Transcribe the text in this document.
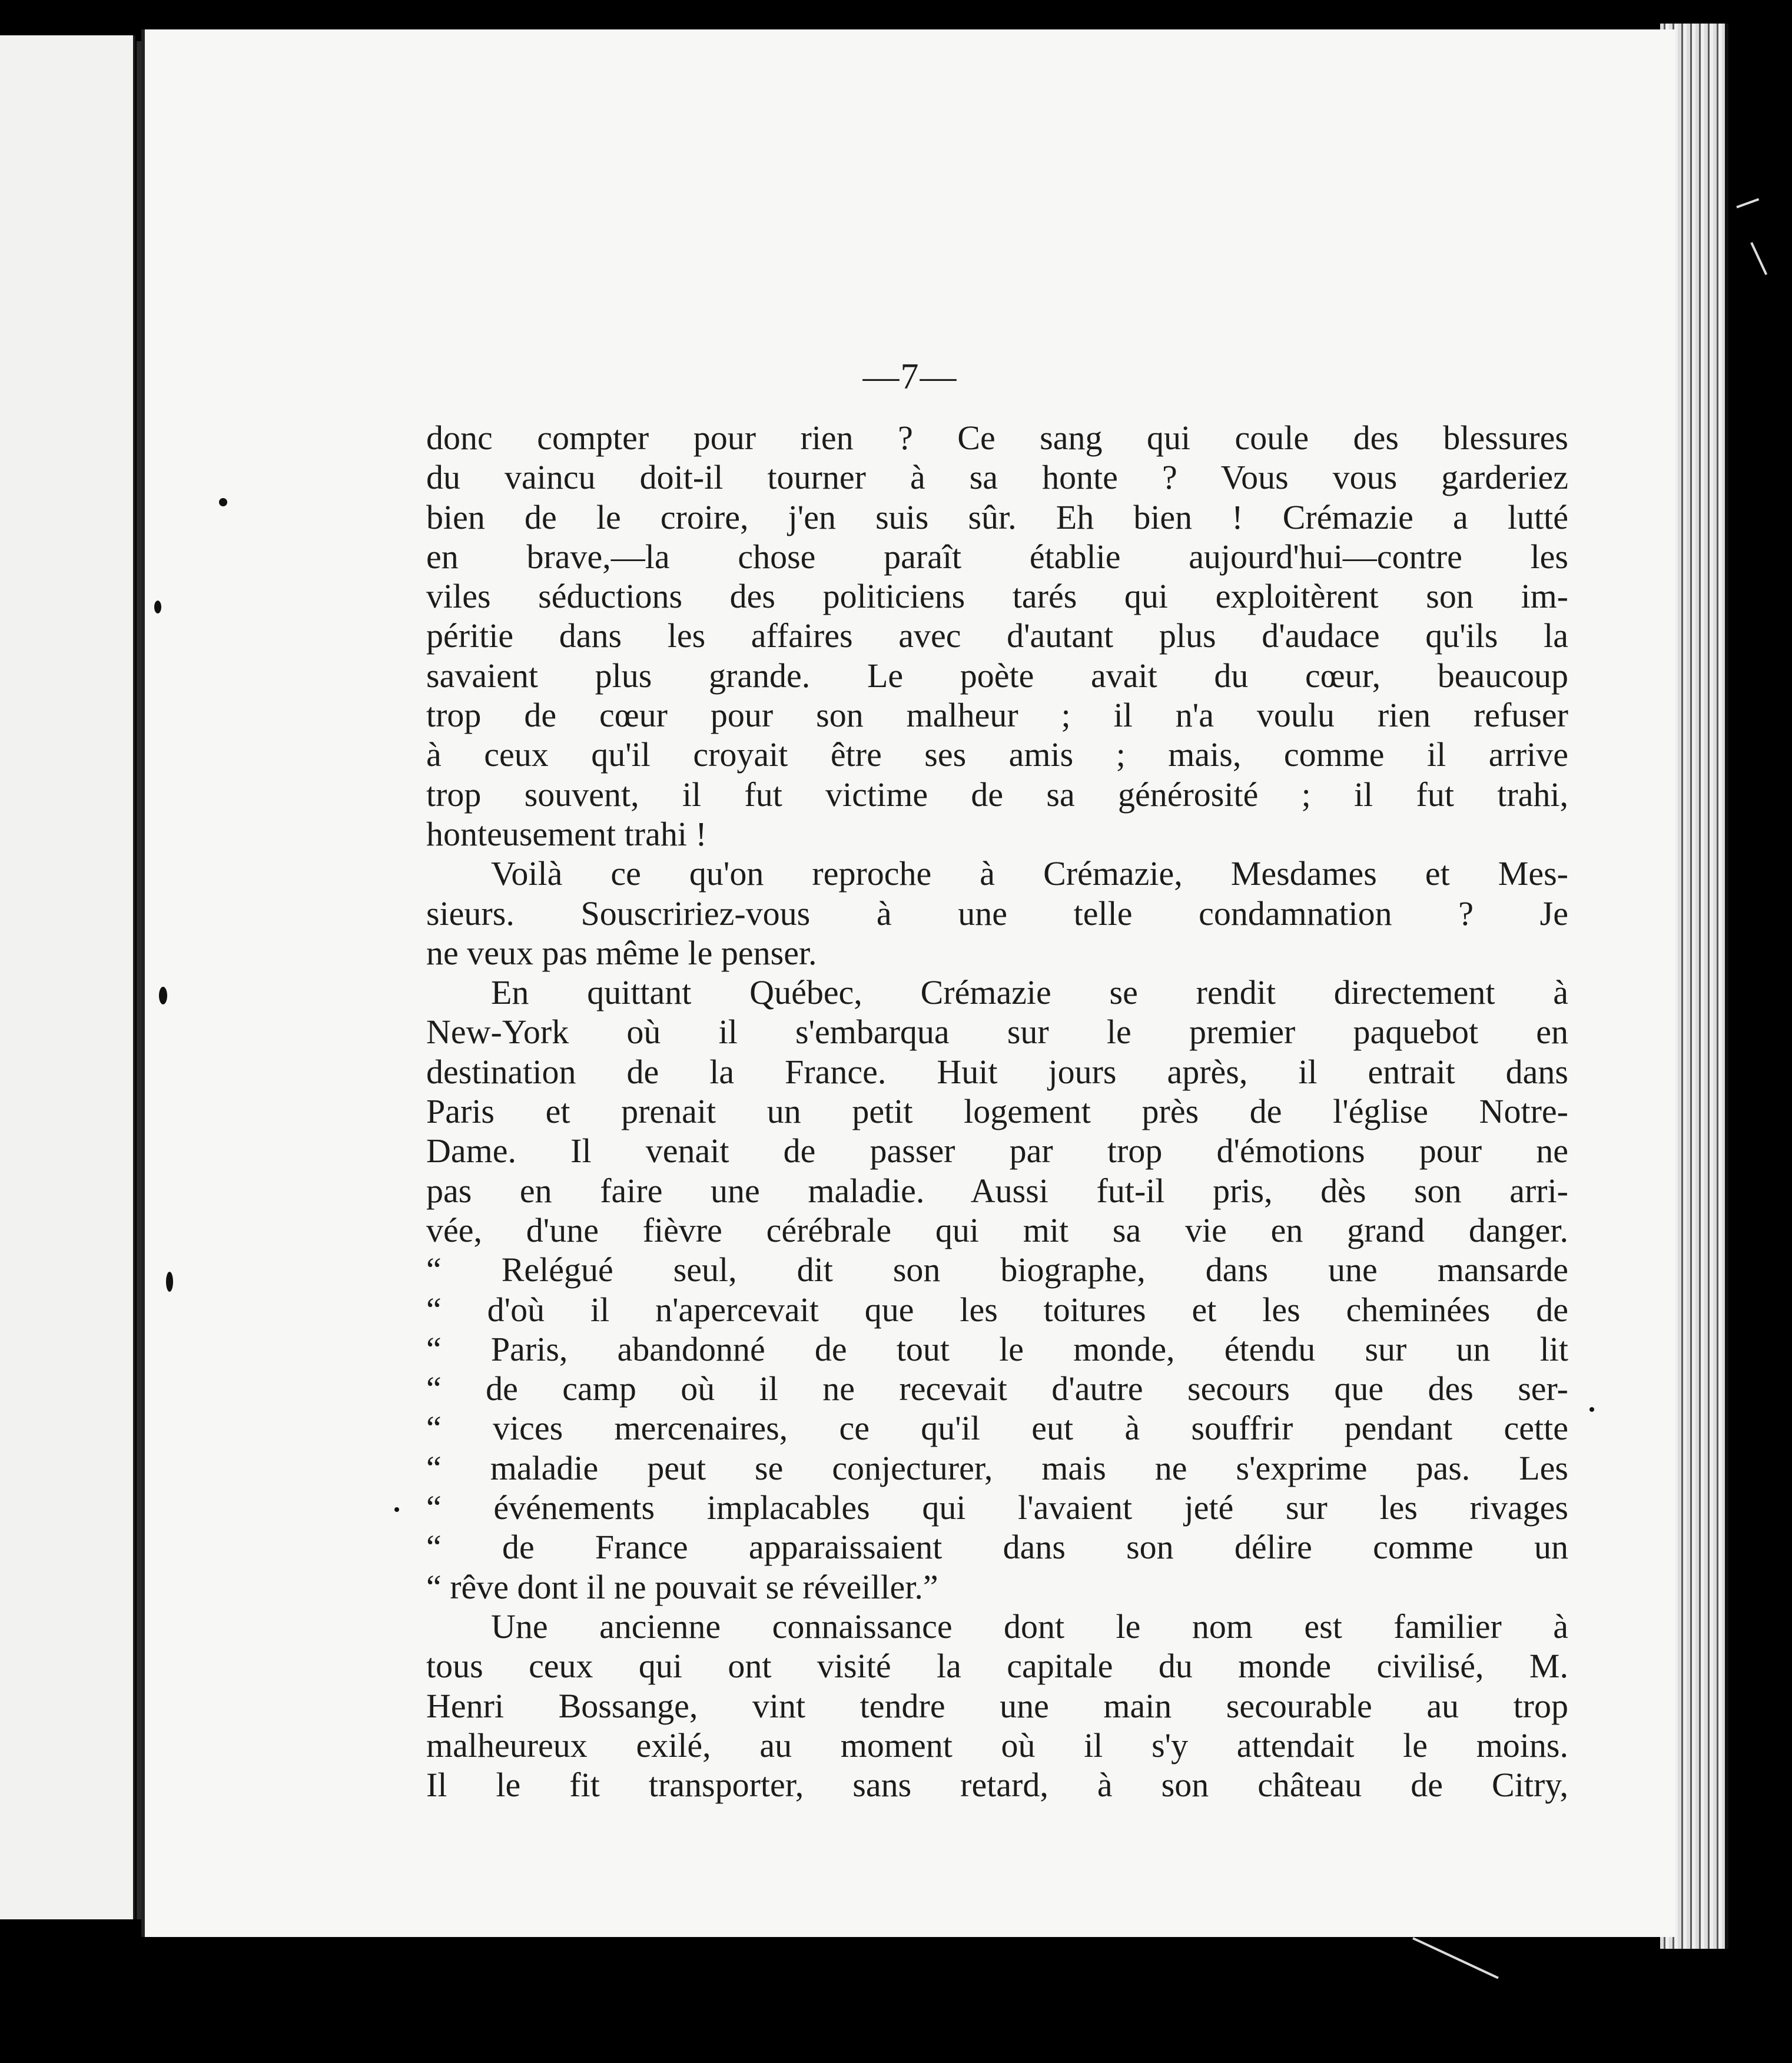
—7—
donc compter pour rien ? Ce sang qui coule des blessures
du vaincu doit-il tourner à sa honte ? Vous vous garderiez
bien de le croire, j'en suis sûr. Eh bien ! Crémazie a lutté
en brave,—la chose paraît établie aujourd'hui—contre les
viles séductions des politiciens tarés qui exploitèrent son im-
péritie dans les affaires avec d'autant plus d'audace qu'ils la
savaient plus grande. Le poète avait du cœur, beaucoup
trop de cœur pour son malheur ; il n'a voulu rien refuser
à ceux qu'il croyait être ses amis ; mais, comme il arrive
trop souvent, il fut victime de sa générosité ; il fut trahi,
honteusement trahi !
Voilà ce qu'on reproche à Crémazie, Mesdames et Mes-
sieurs. Souscririez-vous à une telle condamnation ? Je
ne veux pas même le penser.
En quittant Québec, Crémazie se rendit directement à
New-York où il s'embarqua sur le premier paquebot en
destination de la France. Huit jours après, il entrait dans
Paris et prenait un petit logement près de l'église Notre-
Dame. Il venait de passer par trop d'émotions pour ne
pas en faire une maladie. Aussi fut-il pris, dès son arri-
vée, d'une fièvre cérébrale qui mit sa vie en grand danger.
“ Relégué seul, dit son biographe, dans une mansarde
“ d'où il n'apercevait que les toitures et les cheminées de
“ Paris, abandonné de tout le monde, étendu sur un lit
“ de camp où il ne recevait d'autre secours que des ser-
“ vices mercenaires, ce qu'il eut à souffrir pendant cette
“ maladie peut se conjecturer, mais ne s'exprime pas. Les
“ événements implacables qui l'avaient jeté sur les rivages
“ de France apparaissaient dans son délire comme un
“ rêve dont il ne pouvait se réveiller.”
Une ancienne connaissance dont le nom est familier à
tous ceux qui ont visité la capitale du monde civilisé, M.
Henri Bossange, vint tendre une main secourable au trop
malheureux exilé, au moment où il s'y attendait le moins.
Il le fit transporter, sans retard, à son château de Citry,
